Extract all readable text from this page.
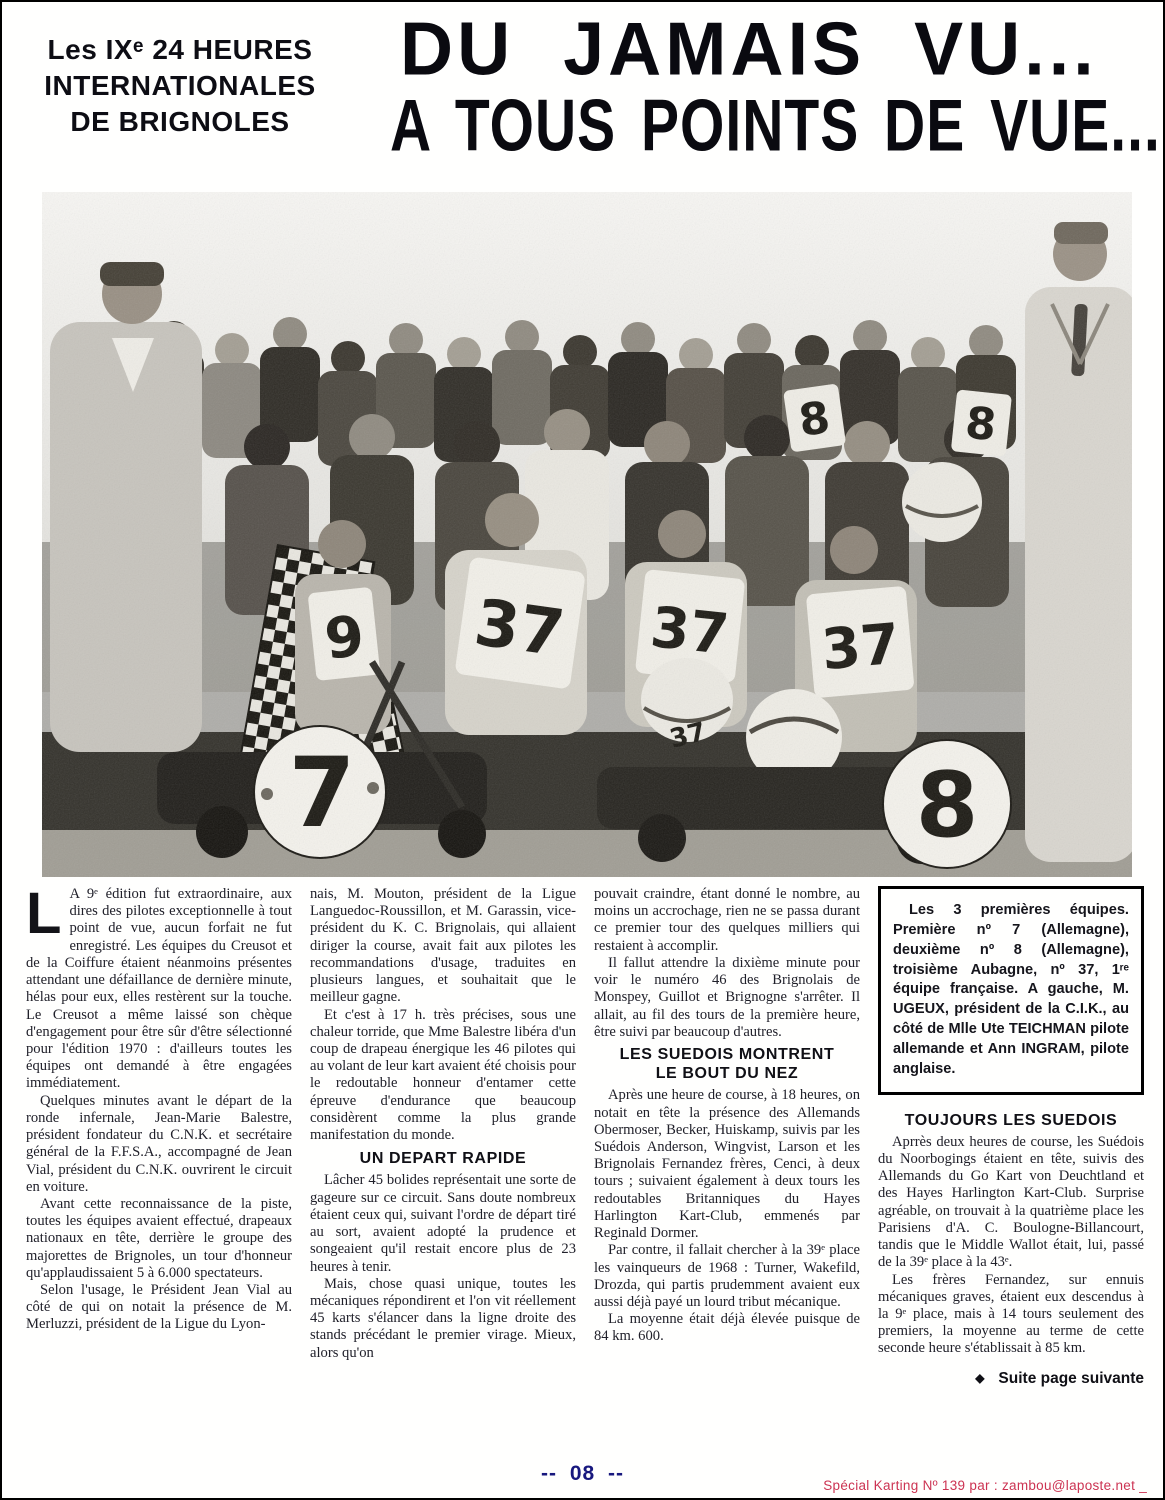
Les IXᵉ 24 HEURES
INTERNATIONALES
DE BRIGNOLES
DU JAMAIS VU...
A TOUS POINTS DE VUE...

L A 9ᵉ édition fut extraordinaire, aux dires des pilotes exceptionnelle à tout point de vue, aucun forfait ne fut enregistré. Les équipes du Creusot et de la Coiffure étaient néanmoins présentes attendant une défaillance de dernière minute, hélas pour eux, elles restèrent sur la touche. Le Creusot a même laissé son chèque d'engagement pour être sûr d'être sélectionné pour l'édition 1970 : d'ailleurs toutes les équipes ont demandé à être engagées immédiatement.

Quelques minutes avant le départ de la ronde infernale, Jean-Marie Balestre, président fondateur du C.N.K. et secrétaire général de la F.F.S.A., accompagné de Jean Vial, président du C.N.K. ouvrirent le circuit en voiture.

Avant cette reconnaissance de la piste, toutes les équipes avaient effectué, drapeaux nationaux en tête, derrière le groupe des majorettes de Brignoles, un tour d'honneur qu'applaudissaient 5 à 6.000 spectateurs.

Selon l'usage, le Président Jean Vial au côté de qui on notait la présence de M. Merluzzi, président de la Ligue du Lyon-

nais, M. Mouton, président de la Ligue Languedoc-Roussillon, et M. Garassin, vice-président du K. C. Brignolais, qui allaient diriger la course, avait fait aux pilotes les recommandations d'usage, traduites en plusieurs langues, et souhaitait que le meilleur gagne.

Et c'est à 17 h. très précises, sous une chaleur torride, que Mme Balestre libéra d'un coup de drapeau énergique les 46 pilotes qui au volant de leur kart avaient été choisis pour le redoutable honneur d'entamer cette épreuve d'endurance que beaucoup considèrent comme la plus grande manifestation du monde.

UN DEPART RAPIDE

Lâcher 45 bolides représentait une sorte de gageure sur ce circuit. Sans doute nombreux étaient ceux qui, suivant l'ordre de départ tiré au sort, avaient adopté la prudence et songeaient qu'il restait encore plus de 23 heures à tenir.

Mais, chose quasi unique, toutes les mécaniques répondirent et l'on vit réellement 45 karts s'élancer dans la ligne droite des stands précédant le premier virage. Mieux, alors qu'on

pouvait craindre, étant donné le nombre, au moins un accrochage, rien ne se passa durant ce premier tour des quelques milliers qui restaient à accomplir.

Il fallut attendre la dixième minute pour voir le numéro 46 des Brignolais de Monspey, Guillot et Brignogne s'arrêter. Il allait, au fil des tours de la première heure, être suivi par beaucoup d'autres.

LES SUEDOIS MONTRENT
LE BOUT DU NEZ

Après une heure de course, à 18 heures, on notait en tête la présence des Allemands Obermoser, Becker, Huiskamp, suivis par les Suédois Anderson, Wingvist, Larson et les Brignolais Fernandez frères, Cenci, à deux tours ; suivaient également à deux tours les redoutables Britanniques du Hayes Harlington Kart-Club, emmenés par Reginald Dormer.

Par contre, il fallait chercher à la 39ᵉ place les vainqueurs de 1968 : Turner, Wakefild, Drozda, qui partis prudemment avaient eux aussi déjà payé un lourd tribut mécanique.

La moyenne était déjà élevée puisque de 84 km. 600.

Les 3 premières équipes. Première nº 7 (Allemagne), deuxième nº 8 (Allemagne), troisième Aubagne, nº 37, 1ʳᵉ équipe française. A gauche, M. UGEUX, président de la C.I.K., au côté de Mlle Ute TEICHMAN pilote allemande et Ann INGRAM, pilote anglaise.

TOUJOURS LES SUEDOIS

Aprrès deux heures de course, les Suédois du Noorbogings étaient en tête, suivis des Allemands du Go Kart von Deuchtland et des Hayes Harlington Kart-Club. Surprise agréable, on trouvait à la quatrième place les Parisiens d'A. C. Boulogne-Billancourt, tandis que le Middle Wallot était, lui, passé de la 39ᵉ place à la 43ᵉ.

Les frères Fernandez, sur ennuis mécaniques graves, étaient eux descendus à la 9ᵉ place, mais à 14 tours seulement des premiers, la moyenne au terme de cette seconde heure s'établissait à 85 km.

◆ Suite page suivante
-- 08 --
Spécial Karting Nº 139 par : zambou@laposte.net _
